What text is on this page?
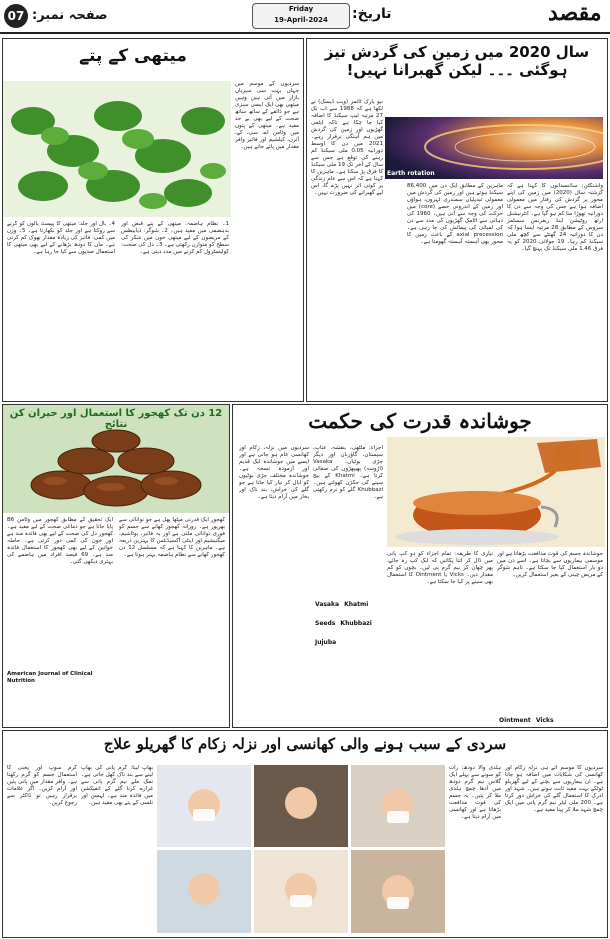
07 صفحہ نمبر:	Friday
19-April-2024	تاریخ:	مقصد
سال 2020 میں زمین کی گردش تیز ہوگئی ۔۔۔ لیکن گھبرانا نہیں!
Earth rotation

واشنگٹن: سائنسدانوں کا کہنا ہے کہ گزشتہ سال (2020) میں زمین کی اپنے محور پر گردش کی رفتار میں معمولی اضافہ ہوا ہے جس کی وجہ سے دن کا دورانیہ تھوڑا سا کم ہو گیا ہے۔ انٹرنیشنل ارتھ روٹیشن اینڈ ریفرنس سسٹمز سروس کے مطابق 28 مرتبہ ایسا ہوا کہ دن کا دورانیہ 24 گھنٹے سے کچھ ملی سیکنڈ کم رہا۔ 19 جولائی 2020 کو یہ فرق 1.46 ملی سیکنڈ تک پہنچ گیا۔

ماہرین کے مطابق ایک دن میں 86,400 سیکنڈ ہوتے ہیں اور زمین کی گردش میں معمولی تبدیلیاں سمندری لہروں، ہواؤں اور زمین کے اندرونی حصے (core) میں حرکت کی وجہ سے آتی ہیں۔ 1960 کی دہائی سے اٹامک گھڑیوں کی مدد سے دن کی لمبائی کی پیمائش کی جا رہی ہے۔ axial precession کے باعث زمین کا محور بھی آہستہ آہستہ گھومتا ہے۔

نیو یارک ٹائمز (ویب ڈیسک) نے لکھا ہے کہ 1988 سے اب تک 27 مرتبہ لیپ سیکنڈ کا اضافہ کیا جا چکا ہے تاکہ ایٹمی گھڑیوں اور زمین کی گردش میں ہم آہنگی برقرار رہے۔ 2021 میں دن کا اوسط دورانیہ 0.05 ملی سیکنڈ کم رہنے کی توقع ہے جس سے سال کے آخر تک 19 ملی سیکنڈ کا فرق پڑ سکتا ہے۔ ماہرین کا کہنا ہے کہ اس سے عام زندگی پر کوئی اثر نہیں پڑے گا، اس لیے گھبرانے کی ضرورت نہیں۔

میتھی کے پتے

سردیوں کے موسم میں جہاں بہت سی سبزیاں بازار میں آتی ہیں وہیں میتھی بھی ایک ایسی سبزی ہے جو ذائقے کے ساتھ ساتھ صحت کے لیے بھی بے حد مفید ہے۔ میتھی کے پتوں میں وٹامن اے، سی، کے، آئرن، کیلشیم اور فائبر وافر مقدار میں پائے جاتے ہیں۔

1۔ نظام ہاضمہ: میتھی کے پتے قبض اور بدہضمی میں مفید ہیں۔ 2۔ شوگر: ذیابیطس کے مریضوں کے لیے میتھی خون میں شکر کی سطح کو متوازن رکھتی ہے۔ 3۔ دل کی صحت: کولیسٹرول کم کرنے میں مدد دیتی ہے۔

4۔ بال اور جلد: میتھی کا پیسٹ بالوں کو گرنے سے روکتا ہے اور جلد کو نکھارتا ہے۔ 5۔ وزن میں کمی: فائبر کی زیادہ مقدار بھوک کم کرتی ہے۔ ماں کا دودھ بڑھانے کے لیے بھی میتھی کا استعمال صدیوں سے کیا جا رہا ہے۔

12 دن تک کھجور کا استعمال اور حیران کن نتائج

کھجور ایک قدرتی میٹھا پھل ہے جو توانائی سے بھرپور ہے۔ روزانہ کھجور کھانے سے جسم کو فوری توانائی ملتی ہے اور یہ فائبر، پوٹاشیم، میگنیشیم اور اینٹی آکسیڈنٹس کا بہترین ذریعہ ہے۔ ماہرین کا کہنا ہے کہ مسلسل 12 دن کھجور کھانے سے نظام ہاضمہ بہتر ہوتا ہے۔

American Journal of Clinical Nutrition

ایک تحقیق کے مطابق کھجور میں وٹامن B6 پایا جاتا ہے جو دماغی صحت کے لیے مفید ہے۔ کھجور دل کی صحت کے لیے بھی فائدہ مند ہے اور خون کی کمی دور کرتی ہے۔ حاملہ خواتین کے لیے بھی کھجور کا استعمال فائدہ مند ہے۔ 69 فیصد افراد میں ہاضمے کی بہتری دیکھی گئی۔

جوشاندہ قدرت کی حکمت

سردیوں میں نزلہ، زکام اور کھانسی عام ہو جاتی ہے اور ایسے میں جوشاندہ ایک قدیم اور آزمودہ نسخہ ہے۔ جوشاندہ مختلف جڑی بوٹیوں کو ابال کر تیار کیا جاتا ہے جو گلے کی خراش، بند ناک اور بخار میں آرام دیتا ہے۔

اجزاء: ملٹھی، بنفشہ، عناب، سپستان، گاؤزبان اور دیگر جڑی بوٹیاں۔ Vasaka (اڑوسہ) پھیپھڑوں کی صفائی کرتا ہے۔ Khatmi کے بیج سینے کی جکڑن کھولتے ہیں۔ Khubbazi گلے کو نرم رکھتی ہے۔

Vasaka Khatmi Seeds Khubbazi Jujuba

تیاری کا طریقہ: تمام اجزاء کو دو کپ پانی میں ڈال کر اتنا پکائیں کہ ایک کپ رہ جائے، پھر چھان کر نیم گرم پی لیں۔ بچوں کو کم مقدار دیں۔ Vicks یا Ointment کا استعمال بھی سینے پر کیا جا سکتا ہے۔

جوشاندہ جسم کی قوت مدافعت بڑھاتا ہے اور موسمی بیماریوں سے بچاتا ہے۔ اسے دن میں دو بار استعمال کیا جا سکتا ہے۔ تاہم شوگر کے مریض چینی کے بغیر استعمال کریں۔

Ointment Vicks
سردی کے سبب ہونے والی کھانسی اور نزلہ زکام کا گھریلو علاج

سردیوں کا موسم آتے ہی نزلہ زکام اور کھانسی کی شکایات میں اضافہ ہو جاتا ہے۔ ان بیماریوں سے بچنے کے لیے گھریلو ٹوٹکے بہت مفید ثابت ہوتے ہیں۔ شہد اور ادرک کا استعمال گلے کی خراش دور کرتا ہے۔ 200 ملی لیٹر نیم گرم پانی میں ایک چمچ شہد ملا کر پینا مفید ہے۔

ہلدی والا دودھ: رات کو سونے سے پہلے ایک گلاس نیم گرم دودھ میں آدھا چمچ ہلدی ملا کر پئیں۔ یہ جسم کی قوت مدافعت بڑھاتا ہے اور کھانسی میں آرام دیتا ہے۔

بھاپ لینا: گرم پانی کی بھاپ لینے سے بند ناک کھل جاتی ہے۔ نمک ملے نیم گرم پانی سے غرارے کرنا گلے کے انفیکشن میں فائدہ مند ہے۔ لہسن اور تلسی کے پتے بھی مفید ہیں۔

گرم سوپ اور یخنی کا استعمال جسم کو گرم رکھتا ہے۔ وافر مقدار میں پانی پئیں اور آرام کریں۔ اگر علامات برقرار رہیں تو ڈاکٹر سے رجوع کریں۔
